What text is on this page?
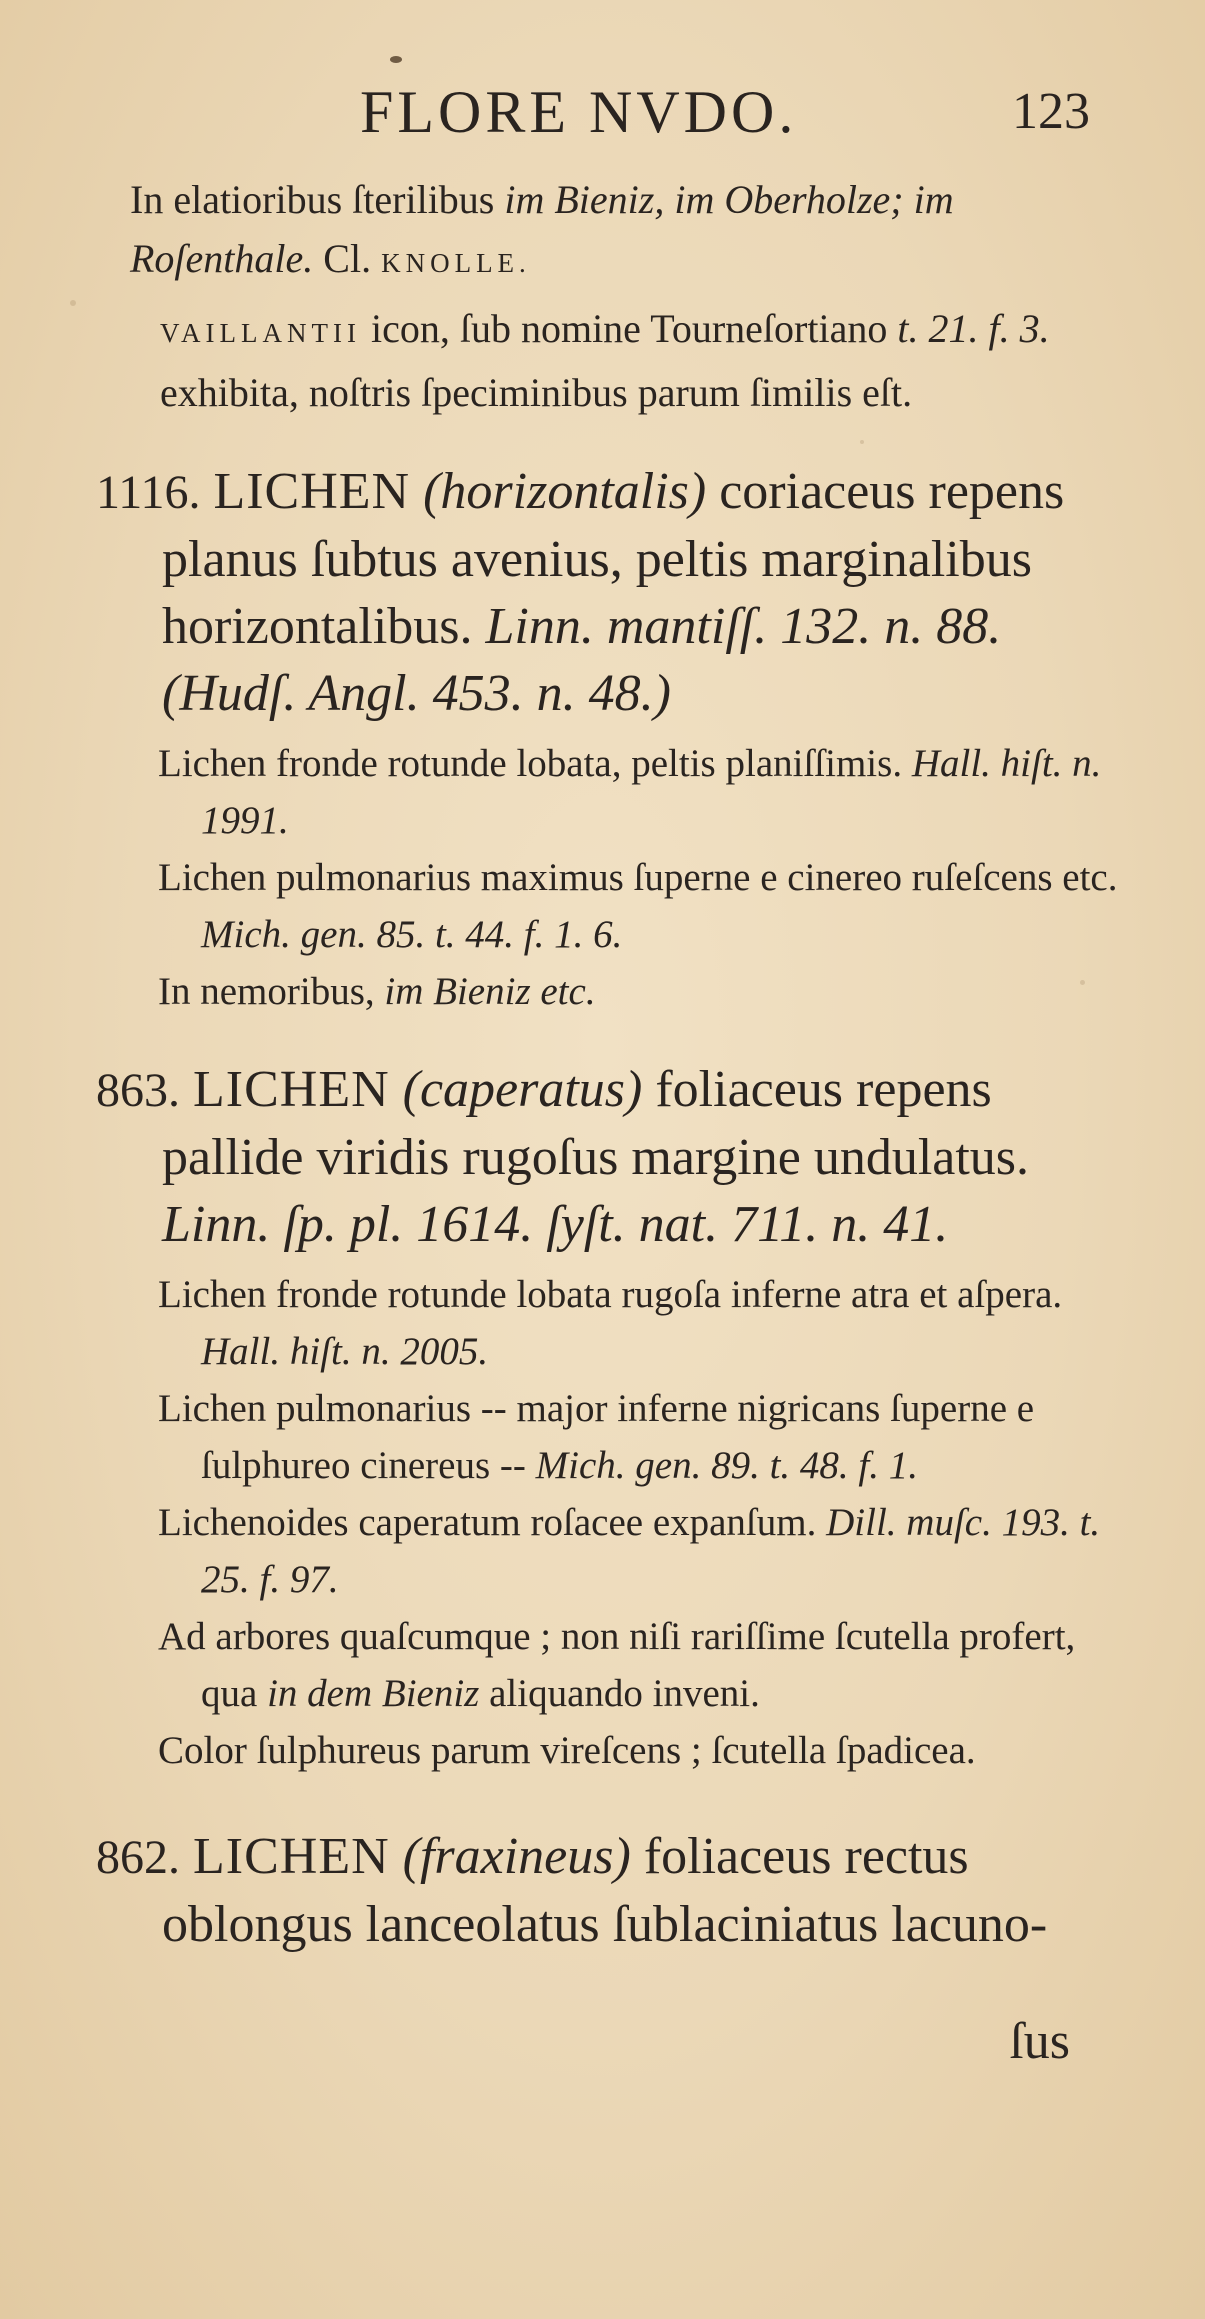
FLORE NVDO.	123

In elatioribus ſterilibus im Bieniz, im Oberholze; im Roſenthale. Cl. KNOLLE.

VAILLANTII icon, ſub nomine Tourneſortiano t. 21. f. 3. exhibita, noſtris ſpeciminibus parum ſimilis eſt.

1116. LICHEN (horizontalis) coriaceus repens planus ſubtus avenius, peltis marginalibus horizontalibus. Linn. mantiſſ. 132. n. 88. (Hudſ. Angl. 453. n. 48.)

Lichen fronde rotunde lobata, peltis planiſſimis. Hall. hiſt. n. 1991.

Lichen pulmonarius maximus ſuperne e cinereo ruſeſcens etc. Mich. gen. 85. t. 44. f. 1. 6.

In nemoribus, im Bieniz etc.

863. LICHEN (caperatus) foliaceus repens pallide viridis rugoſus margine undulatus. Linn. ſp. pl. 1614. ſyſt. nat. 711. n. 41.

Lichen fronde rotunde lobata rugoſa inferne atra et aſpera. Hall. hiſt. n. 2005.

Lichen pulmonarius -- major inferne nigricans ſuperne e ſulphureo cinereus -- Mich. gen. 89. t. 48. f. 1.

Lichenoides caperatum roſacee expanſum. Dill. muſc. 193. t. 25. f. 97.

Ad arbores quaſcumque ; non niſi rariſſime ſcutella profert, qua in dem Bieniz aliquando inveni.

Color ſulphureus parum vireſcens ; ſcutella ſpadicea.

862. LICHEN (fraxineus) foliaceus rectus oblongus lanceolatus ſublaciniatus lacuno-

ſus
